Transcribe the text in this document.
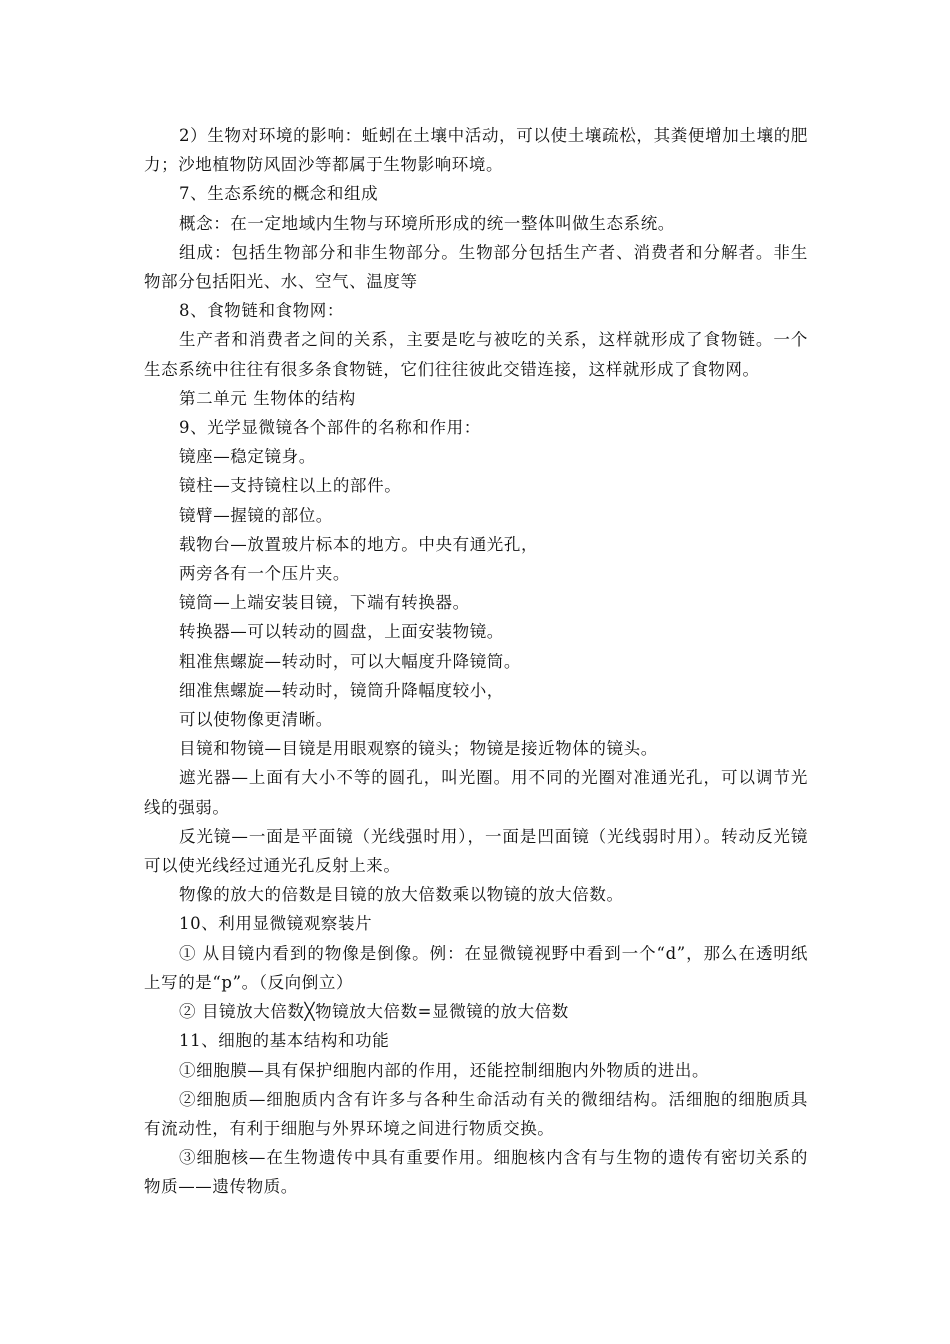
2）生物对环境的影响：蚯蚓在土壤中活动，可以使土壤疏松，其粪便增加土壤的肥力；沙地植物防风固沙等都属于生物影响环境。

7、生态系统的概念和组成

概念：在一定地域内生物与环境所形成的统一整体叫做生态系统。

组成：包括生物部分和非生物部分。生物部分包括生产者、消费者和分解者。非生物部分包括阳光、水、空气、温度等

8、食物链和食物网：

生产者和消费者之间的关系，主要是吃与被吃的关系，这样就形成了食物链。一个生态系统中往往有很多条食物链，它们往往彼此交错连接，这样就形成了食物网。

第二单元 生物体的结构

9、光学显微镜各个部件的名称和作用：

镜座—稳定镜身。

镜柱—支持镜柱以上的部件。

镜臂—握镜的部位。

载物台—放置玻片标本的地方。中央有通光孔，

两旁各有一个压片夹。

镜筒—上端安装目镜，下端有转换器。

转换器—可以转动的圆盘，上面安装物镜。

粗准焦螺旋—转动时，可以大幅度升降镜筒。

细准焦螺旋—转动时，镜筒升降幅度较小，

可以使物像更清晰。

目镜和物镜—目镜是用眼观察的镜头；物镜是接近物体的镜头。

遮光器—上面有大小不等的圆孔，叫光圈。用不同的光圈对准通光孔，可以调节光线的强弱。

反光镜—一面是平面镜（光线强时用），一面是凹面镜（光线弱时用）。转动反光镜可以使光线经过通光孔反射上来。

物像的放大的倍数是目镜的放大倍数乘以物镜的放大倍数。

10、利用显微镜观察装片

① 从目镜内看到的物像是倒像。例：在显微镜视野中看到一个“d”，那么在透明纸上写的是“p”。（反向倒立）

② 目镜放大倍数╳物镜放大倍数=显微镜的放大倍数

11、细胞的基本结构和功能

①细胞膜—具有保护细胞内部的作用，还能控制细胞内外物质的进出。

②细胞质—细胞质内含有许多与各种生命活动有关的微细结构。活细胞的细胞质具有流动性，有利于细胞与外界环境之间进行物质交换。

③细胞核—在生物遗传中具有重要作用。细胞核内含有与生物的遗传有密切关系的物质——遗传物质。
